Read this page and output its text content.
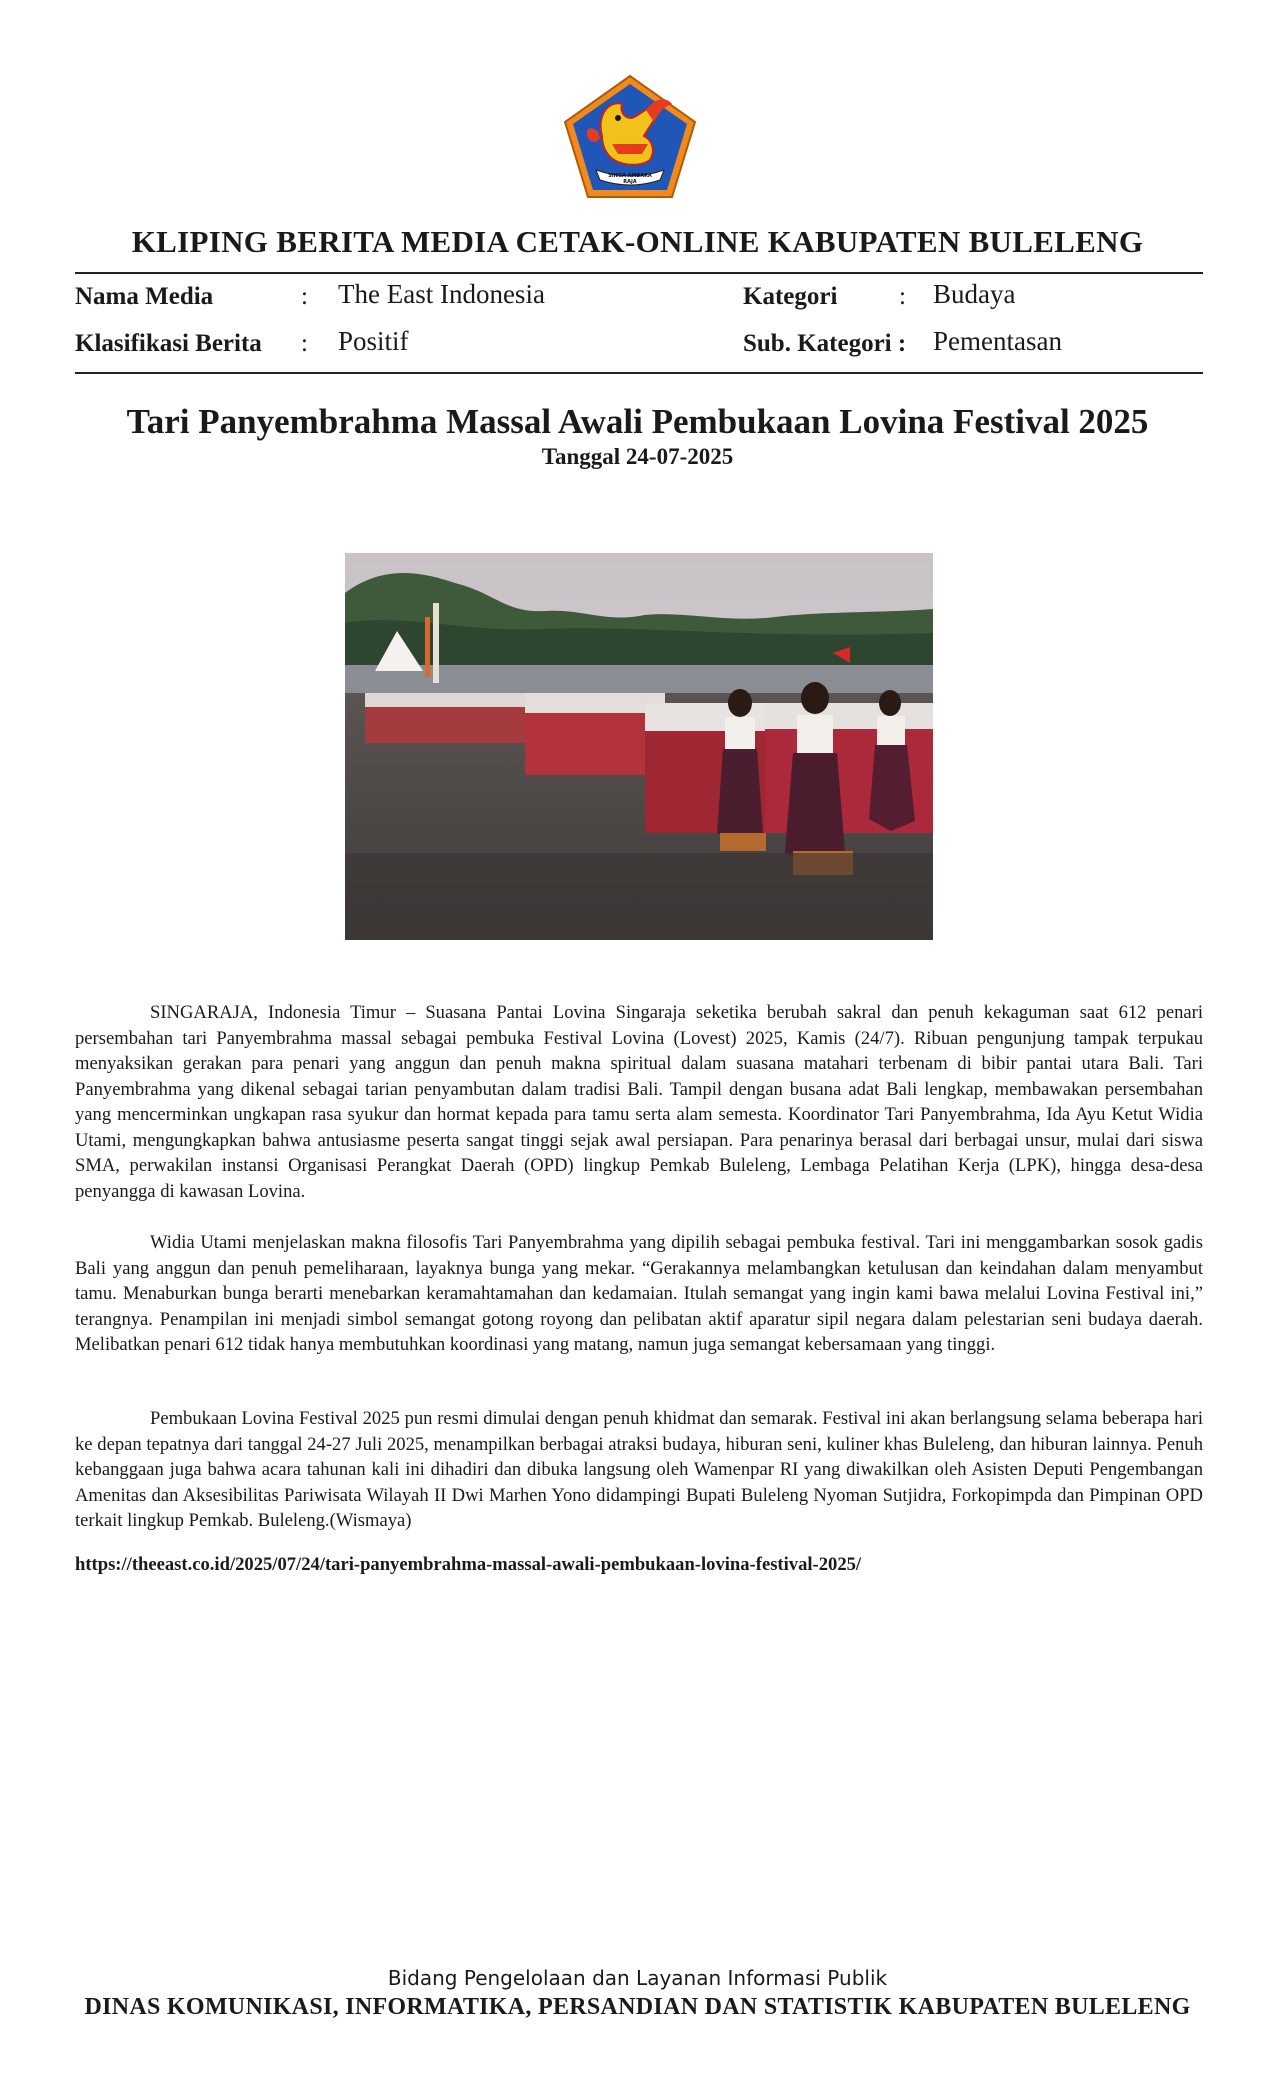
SINGA AMBARA RAJA
KLIPING BERITA MEDIA CETAK-ONLINE KABUPATEN BULELENG
Nama Media	: The East Indonesia
Klasifikasi Berita : Positif
Kategori : Budaya
Sub. Kategori : Pementasan
Tari Panyembrahma Massal Awali Pembukaan Lovina Festival 2025
Tanggal 24-07-2025
SINGARAJA, Indonesia Timur – Suasana Pantai Lovina Singaraja seketika berubah sakral dan penuh kekaguman saat 612 penari persembahan tari Panyembrahma massal sebagai pembuka Festival Lovina (Lovest) 2025, Kamis (24/7). Ribuan pengunjung tampak terpukau menyaksikan gerakan para penari yang anggun dan penuh makna spiritual dalam suasana matahari terbenam di bibir pantai utara Bali. Tari Panyembrahma yang dikenal sebagai tarian penyambutan dalam tradisi Bali. Tampil dengan busana adat Bali lengkap, membawakan persembahan yang mencerminkan ungkapan rasa syukur dan hormat kepada para tamu serta alam semesta. Koordinator Tari Panyembrahma, Ida Ayu Ketut Widia Utami, mengungkapkan bahwa antusiasme peserta sangat tinggi sejak awal persiapan. Para penarinya berasal dari berbagai unsur, mulai dari siswa SMA, perwakilan instansi Organisasi Perangkat Daerah (OPD) lingkup Pemkab Buleleng, Lembaga Pelatihan Kerja (LPK), hingga desa-desa penyangga di kawasan Lovina.
Widia Utami menjelaskan makna filosofis Tari Panyembrahma yang dipilih sebagai pembuka festival. Tari ini menggambarkan sosok gadis Bali yang anggun dan penuh pemeliharaan, layaknya bunga yang mekar. “Gerakannya melambangkan ketulusan dan keindahan dalam menyambut tamu. Menaburkan bunga berarti menebarkan keramahtamahan dan kedamaian. Itulah semangat yang ingin kami bawa melalui Lovina Festival ini,” terangnya. Penampilan ini menjadi simbol semangat gotong royong dan pelibatan aktif aparatur sipil negara dalam pelestarian seni budaya daerah. Melibatkan penari 612 tidak hanya membutuhkan koordinasi yang matang, namun juga semangat kebersamaan yang tinggi.
Pembukaan Lovina Festival 2025 pun resmi dimulai dengan penuh khidmat dan semarak. Festival ini akan berlangsung selama beberapa hari ke depan tepatnya dari tanggal 24-27 Juli 2025, menampilkan berbagai atraksi budaya, hiburan seni, kuliner khas Buleleng, dan hiburan lainnya. Penuh kebanggaan juga bahwa acara tahunan kali ini dihadiri dan dibuka langsung oleh Wamenpar RI yang diwakilkan oleh Asisten Deputi Pengembangan Amenitas dan Aksesibilitas Pariwisata Wilayah II Dwi Marhen Yono didampingi Bupati Buleleng Nyoman Sutjidra, Forkopimpda dan Pimpinan OPD terkait lingkup Pemkab. Buleleng.(Wismaya)
https://theeast.co.id/2025/07/24/tari-panyembrahma-massal-awali-pembukaan-lovina-festival-2025/
Bidang Pengelolaan dan Layanan Informasi Publik
DINAS KOMUNIKASI, INFORMATIKA, PERSANDIAN DAN STATISTIK KABUPATEN BULELENG
